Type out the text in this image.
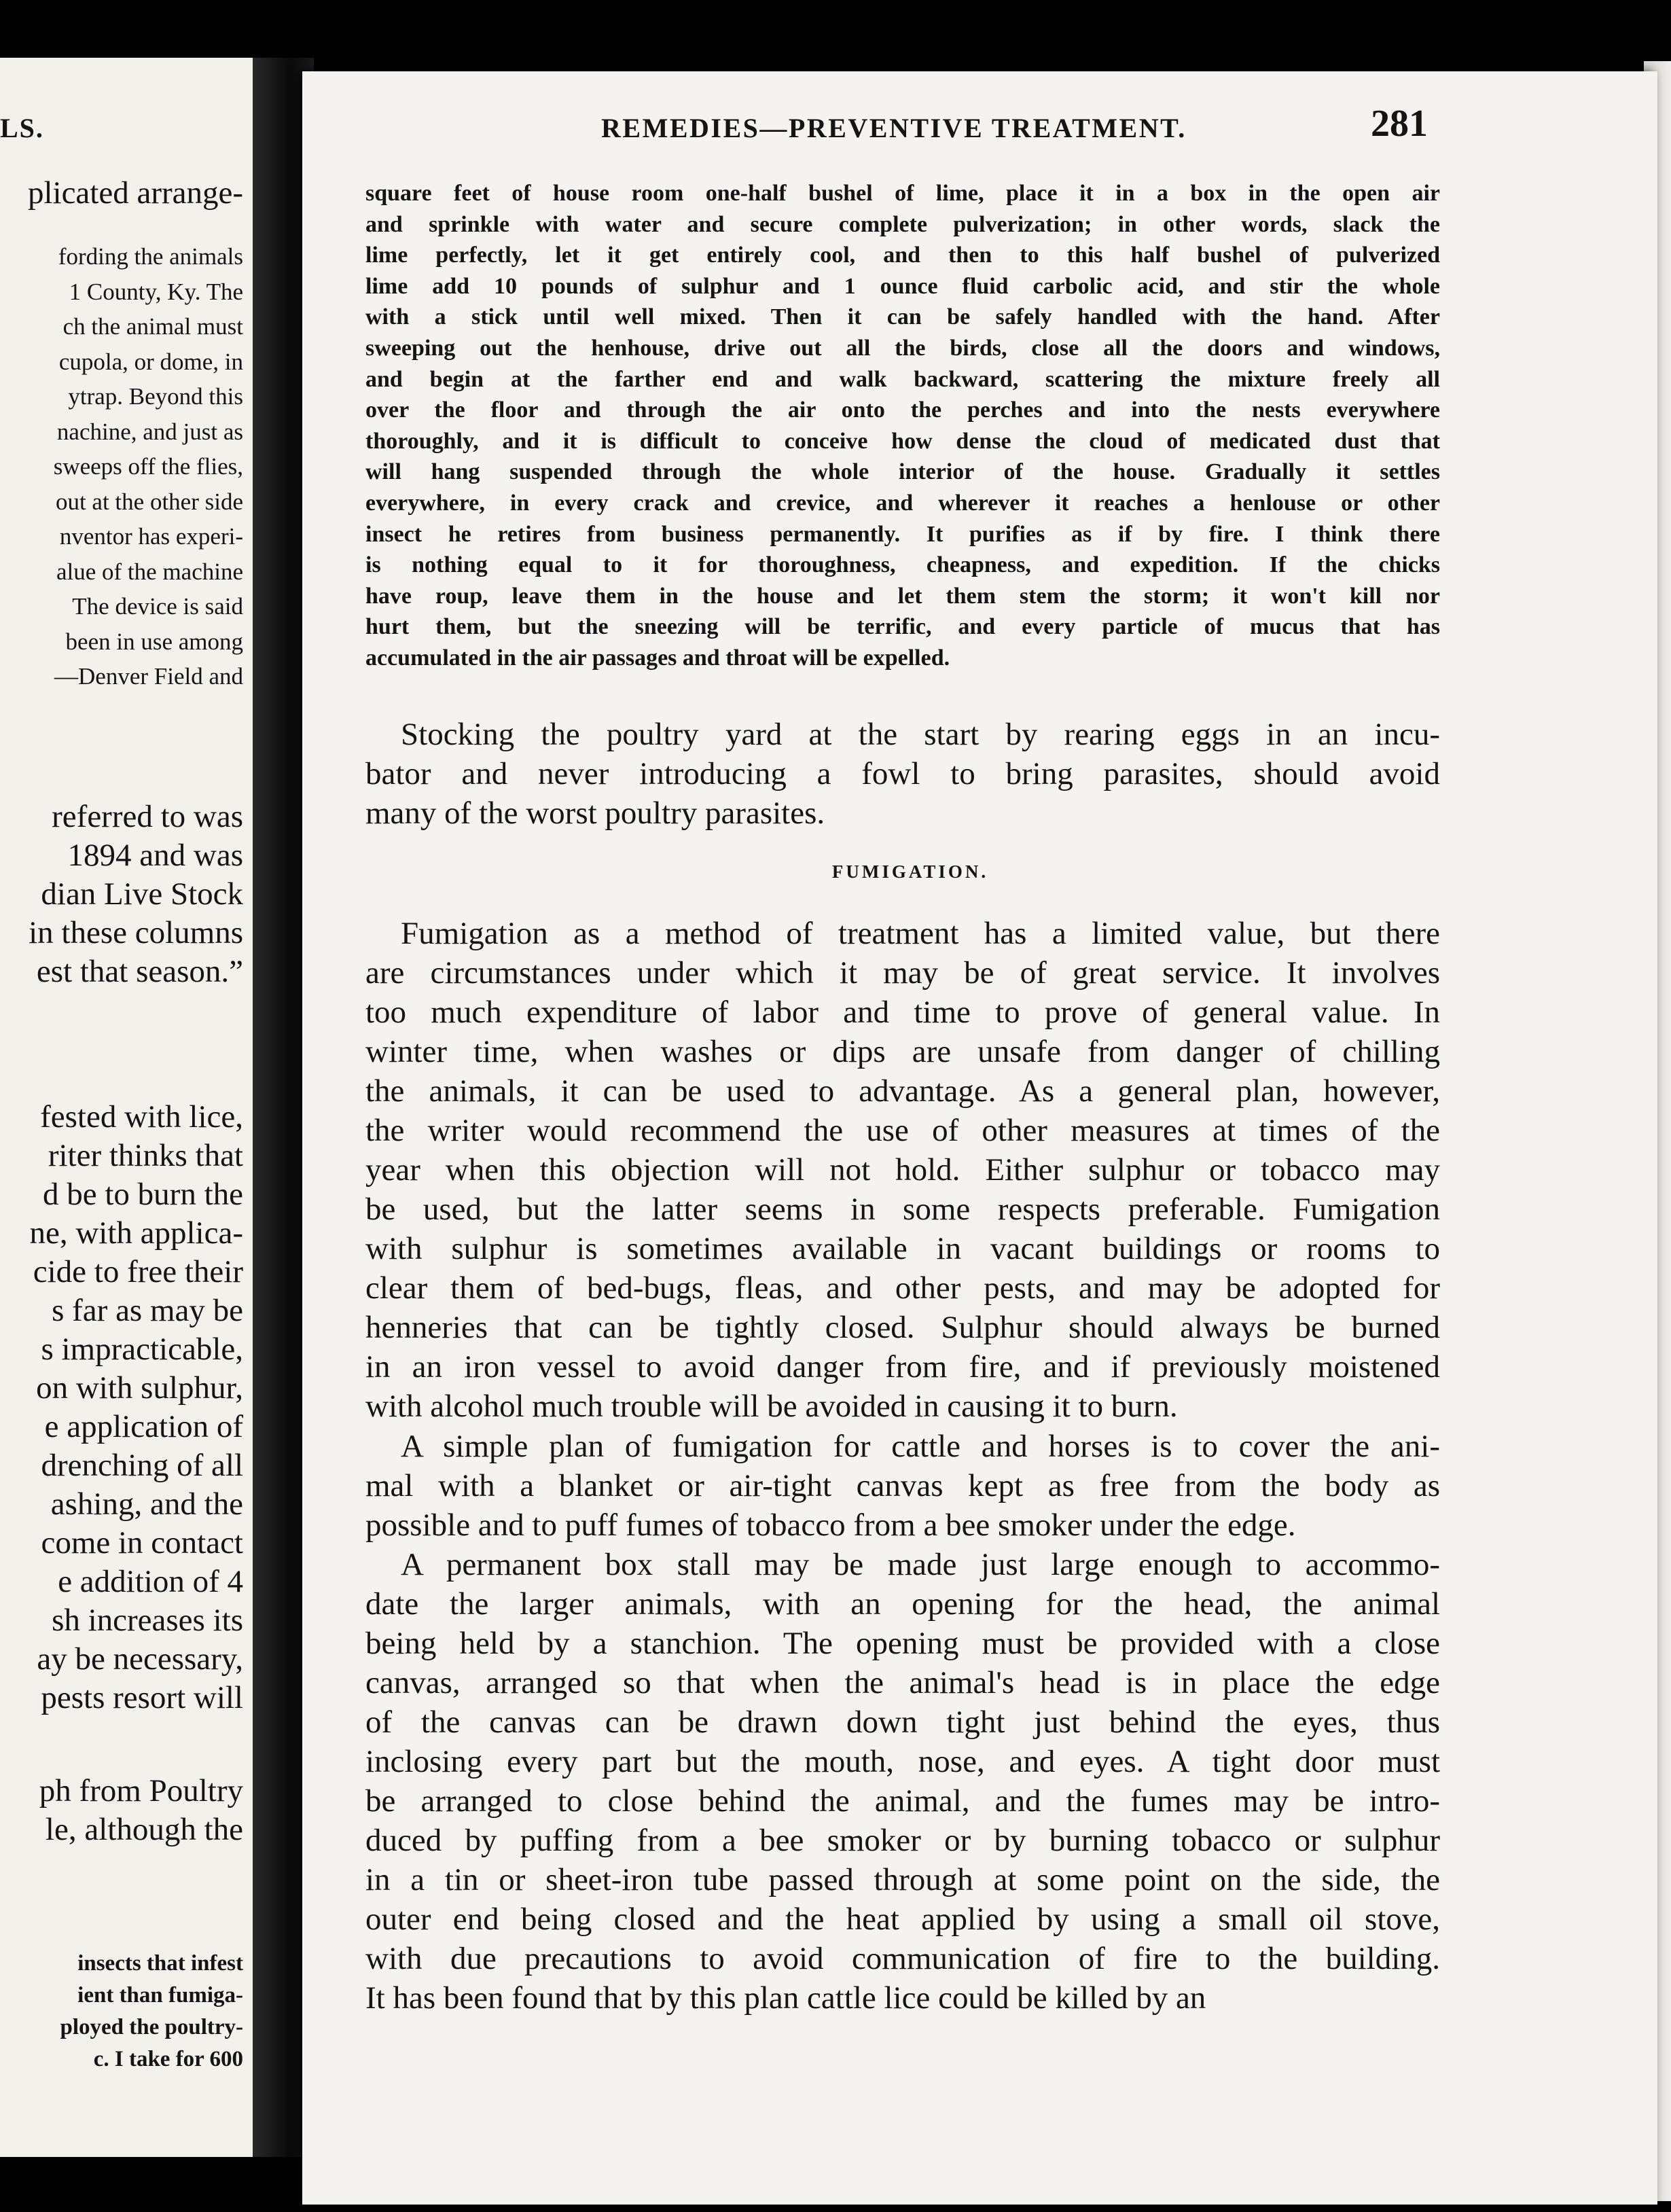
LS.
plicated arrange-
fording the animals
1 County, Ky. The
ch the animal must
cupola, or dome, in
ytrap. Beyond this
nachine, and just as
sweeps off the flies,
out at the other side
nventor has experi-
alue of the machine
The device is said
been in use among
—Denver Field and
referred to was
1894 and was
dian Live Stock
in these columns
est that season.”
fested with lice,
riter thinks that
d be to burn the
ne, with applica-
cide to free their
s far as may be
s impracticable,
on with sulphur,
e application of
drenching of all
ashing, and the
come in contact
e addition of 4
sh increases its
ay be necessary,
pests resort will
ph from Poultry
le, although the
insects that infest
ient than fumiga-
ployed the poultry-
c. I take for 600
REMEDIES—PREVENTIVE TREATMENT.	281
square feet of house room one-half bushel of lime, place it in a box in the open air
and sprinkle with water and secure complete pulverization; in other words, slack the
lime perfectly, let it get entirely cool, and then to this half bushel of pulverized
lime add 10 pounds of sulphur and 1 ounce fluid carbolic acid, and stir the whole
with a stick until well mixed. Then it can be safely handled with the hand. After
sweeping out the henhouse, drive out all the birds, close all the doors and windows,
and begin at the farther end and walk backward, scattering the mixture freely all
over the floor and through the air onto the perches and into the nests everywhere
thoroughly, and it is difficult to conceive how dense the cloud of medicated dust that
will hang suspended through the whole interior of the house. Gradually it settles
everywhere, in every crack and crevice, and wherever it reaches a henlouse or other
insect he retires from business permanently. It purifies as if by fire. I think there
is nothing equal to it for thoroughness, cheapness, and expedition. If the chicks
have roup, leave them in the house and let them stem the storm; it won't kill nor
hurt them, but the sneezing will be terrific, and every particle of mucus that has
accumulated in the air passages and throat will be expelled.
Stocking the poultry yard at the start by rearing eggs in an incu-
bator and never introducing a fowl to bring parasites, should avoid
many of the worst poultry parasites.
FUMIGATION.
Fumigation as a method of treatment has a limited value, but there
are circumstances under which it may be of great service. It involves
too much expenditure of labor and time to prove of general value. In
winter time, when washes or dips are unsafe from danger of chilling
the animals, it can be used to advantage. As a general plan, however,
the writer would recommend the use of other measures at times of the
year when this objection will not hold. Either sulphur or tobacco may
be used, but the latter seems in some respects preferable. Fumigation
with sulphur is sometimes available in vacant buildings or rooms to
clear them of bed-bugs, fleas, and other pests, and may be adopted for
henneries that can be tightly closed. Sulphur should always be burned
in an iron vessel to avoid danger from fire, and if previously moistened
with alcohol much trouble will be avoided in causing it to burn.
A simple plan of fumigation for cattle and horses is to cover the ani-
mal with a blanket or air-tight canvas kept as free from the body as
possible and to puff fumes of tobacco from a bee smoker under the edge.
A permanent box stall may be made just large enough to accommo-
date the larger animals, with an opening for the head, the animal
being held by a stanchion. The opening must be provided with a close
canvas, arranged so that when the animal's head is in place the edge
of the canvas can be drawn down tight just behind the eyes, thus
inclosing every part but the mouth, nose, and eyes. A tight door must
be arranged to close behind the animal, and the fumes may be intro-
duced by puffing from a bee smoker or by burning tobacco or sulphur
in a tin or sheet-iron tube passed through at some point on the side, the
outer end being closed and the heat applied by using a small oil stove,
with due precautions to avoid communication of fire to the building.
It has been found that by this plan cattle lice could be killed by an
